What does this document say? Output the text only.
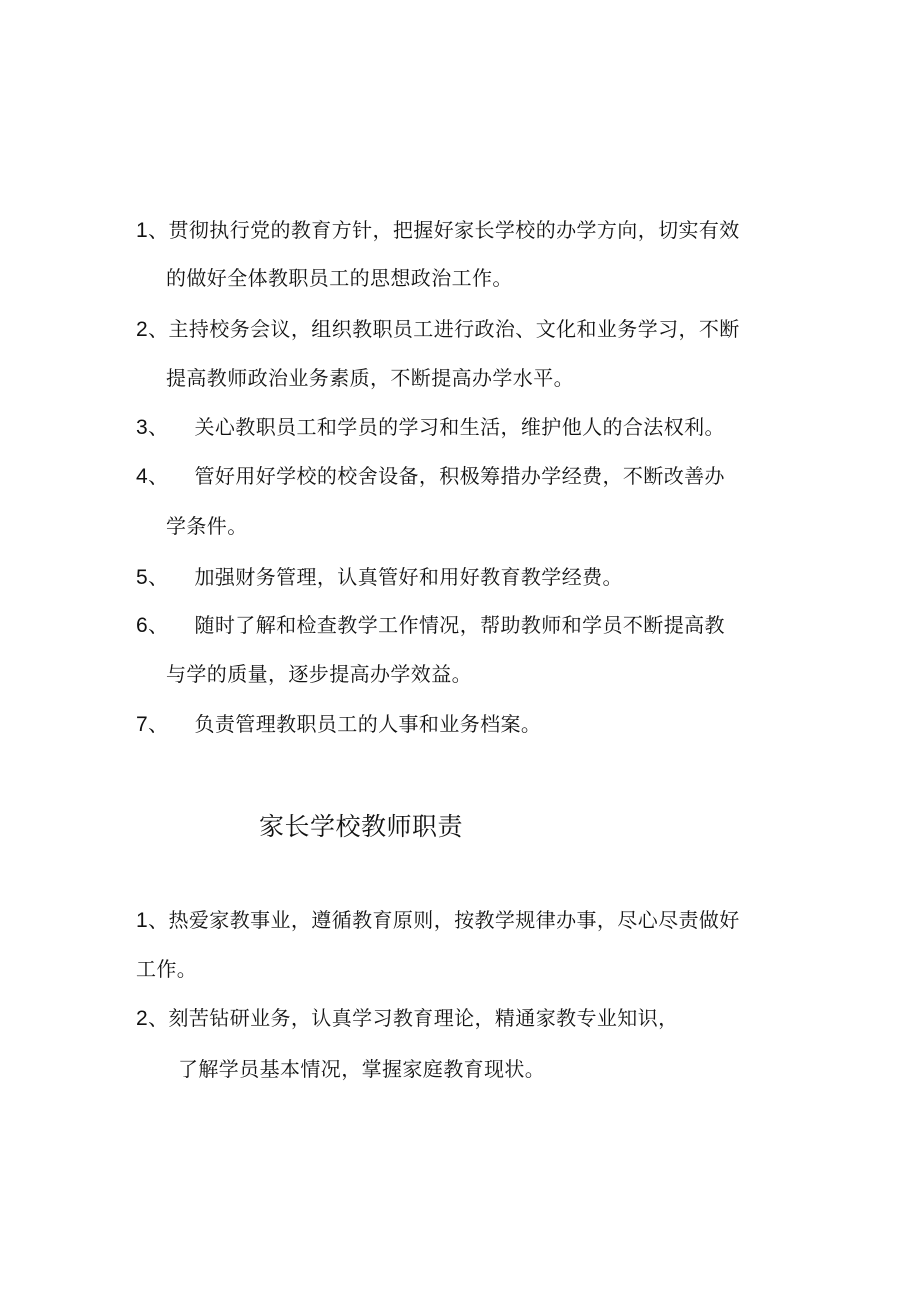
1、贯彻执行党的教育方针，把握好家长学校的办学方向，切实有效
的做好全体教职员工的思想政治工作。
2、主持校务会议，组织教职员工进行政治、文化和业务学习，不断
提高教师政治业务素质，不断提高办学水平。
3、 关心教职员工和学员的学习和生活，维护他人的合法权利。
4、 管好用好学校的校舍设备，积极筹措办学经费，不断改善办
学条件。
5、 加强财务管理，认真管好和用好教育教学经费。
6、 随时了解和检查教学工作情况，帮助教师和学员不断提高教
与学的质量，逐步提高办学效益。
7、 负责管理教职员工的人事和业务档案。
家长学校教师职责
1、热爱家教事业，遵循教育原则，按教学规律办事，尽心尽责做好
工作。
2、刻苦钻研业务，认真学习教育理论，精通家教专业知识，
了解学员基本情况，掌握家庭教育现状。
